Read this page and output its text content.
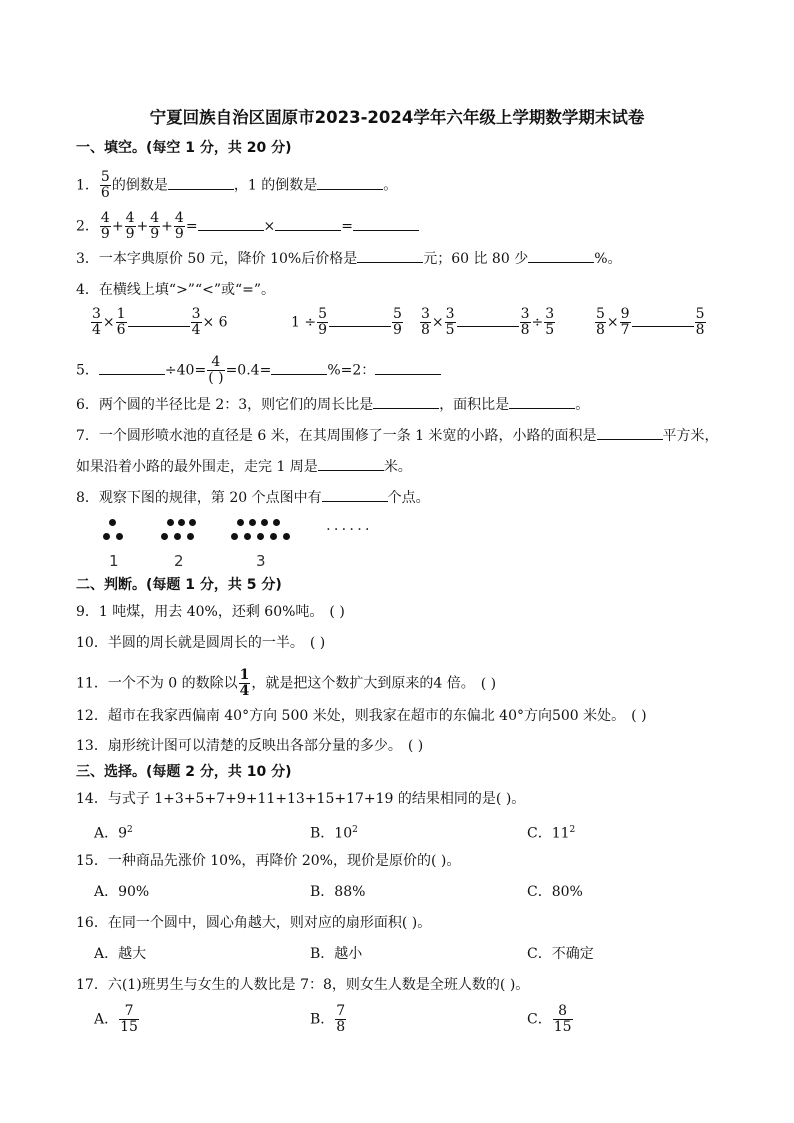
宁夏回族自治区固原市2023-2024学年六年级上学期数学期末试卷
一、填空。(每空 1 分，共 20 分)
1． $\frac{5}{6}$ 的倒数是	，1 的倒数是	。
2． $\frac{4}{9} + \frac{4}{9} + \frac{4}{9} + \frac{4}{9}$ =	×	=
3．一本字典原价 50 元，降价 10%后价格是	元；60 比 80 少	%。
4．在横线上填“>”“<”或“=”。
$\frac{3}{4} \times \frac{1}{6}$	$\frac{3}{4} \times 6$	$1 \div \frac{5}{9}$	$\frac{5}{9} \frac{3}{8} \times \frac{3}{5}$	$\frac{3}{8} \div \frac{3}{5}$	$\frac{5}{8} \times \frac{9}{7}$	$\frac{5}{8}$
5．	$\div 40= \frac{4}{( )} =0.4=$	%=2：
6．两个圆的半径比是 2：3，则它们的周长比是	，面积比是	。
7．一个圆形喷水池的直径是 6 米，在其周围修了一条 1 米宽的小路，小路的面积是	平方米，
如果沿着小路的最外围走，走完 1 周是	米。
8．观察下图的规律，第 20 个点图中有	个点。
1	2	3
......
二、判断。(每题 1 分，共 5 分)
9．1 吨煤，用去 40%，还剩 60%吨。 ( )
10．半圆的周长就是圆周长的一半。 ( )
11．一个不为 0 的数除以 $\frac{1}{4}$ ，就是把这个数扩大到原来的4 倍。 ( )
12．超市在我家西偏南 40°方向 500 米处，则我家在超市的东偏北 40°方向500 米处。 ( )
13．扇形统计图可以清楚的反映出各部分量的多少。 ( )
三、选择。(每题 2 分，共 10 分)
14．与式子 1+3+5+7+9+11+13+15+17+19 的结果相同的是( )。
A．$9^2$	B．$10^2$	C．$11^2$
15．一种商品先涨价 10%，再降价 20%，现价是原价的( )。
A．90%	B．88%	C．80%
16．在同一个圆中，圆心角越大，则对应的扇形面积( )。
A．越大	B．越小	C．不确定
17．六(1)班男生与女生的人数比是 7：8，则女生人数是全班人数的( )。
A． $\frac{7}{15}$	B． $\frac{7}{8}$	C． $\frac{8}{15}$
